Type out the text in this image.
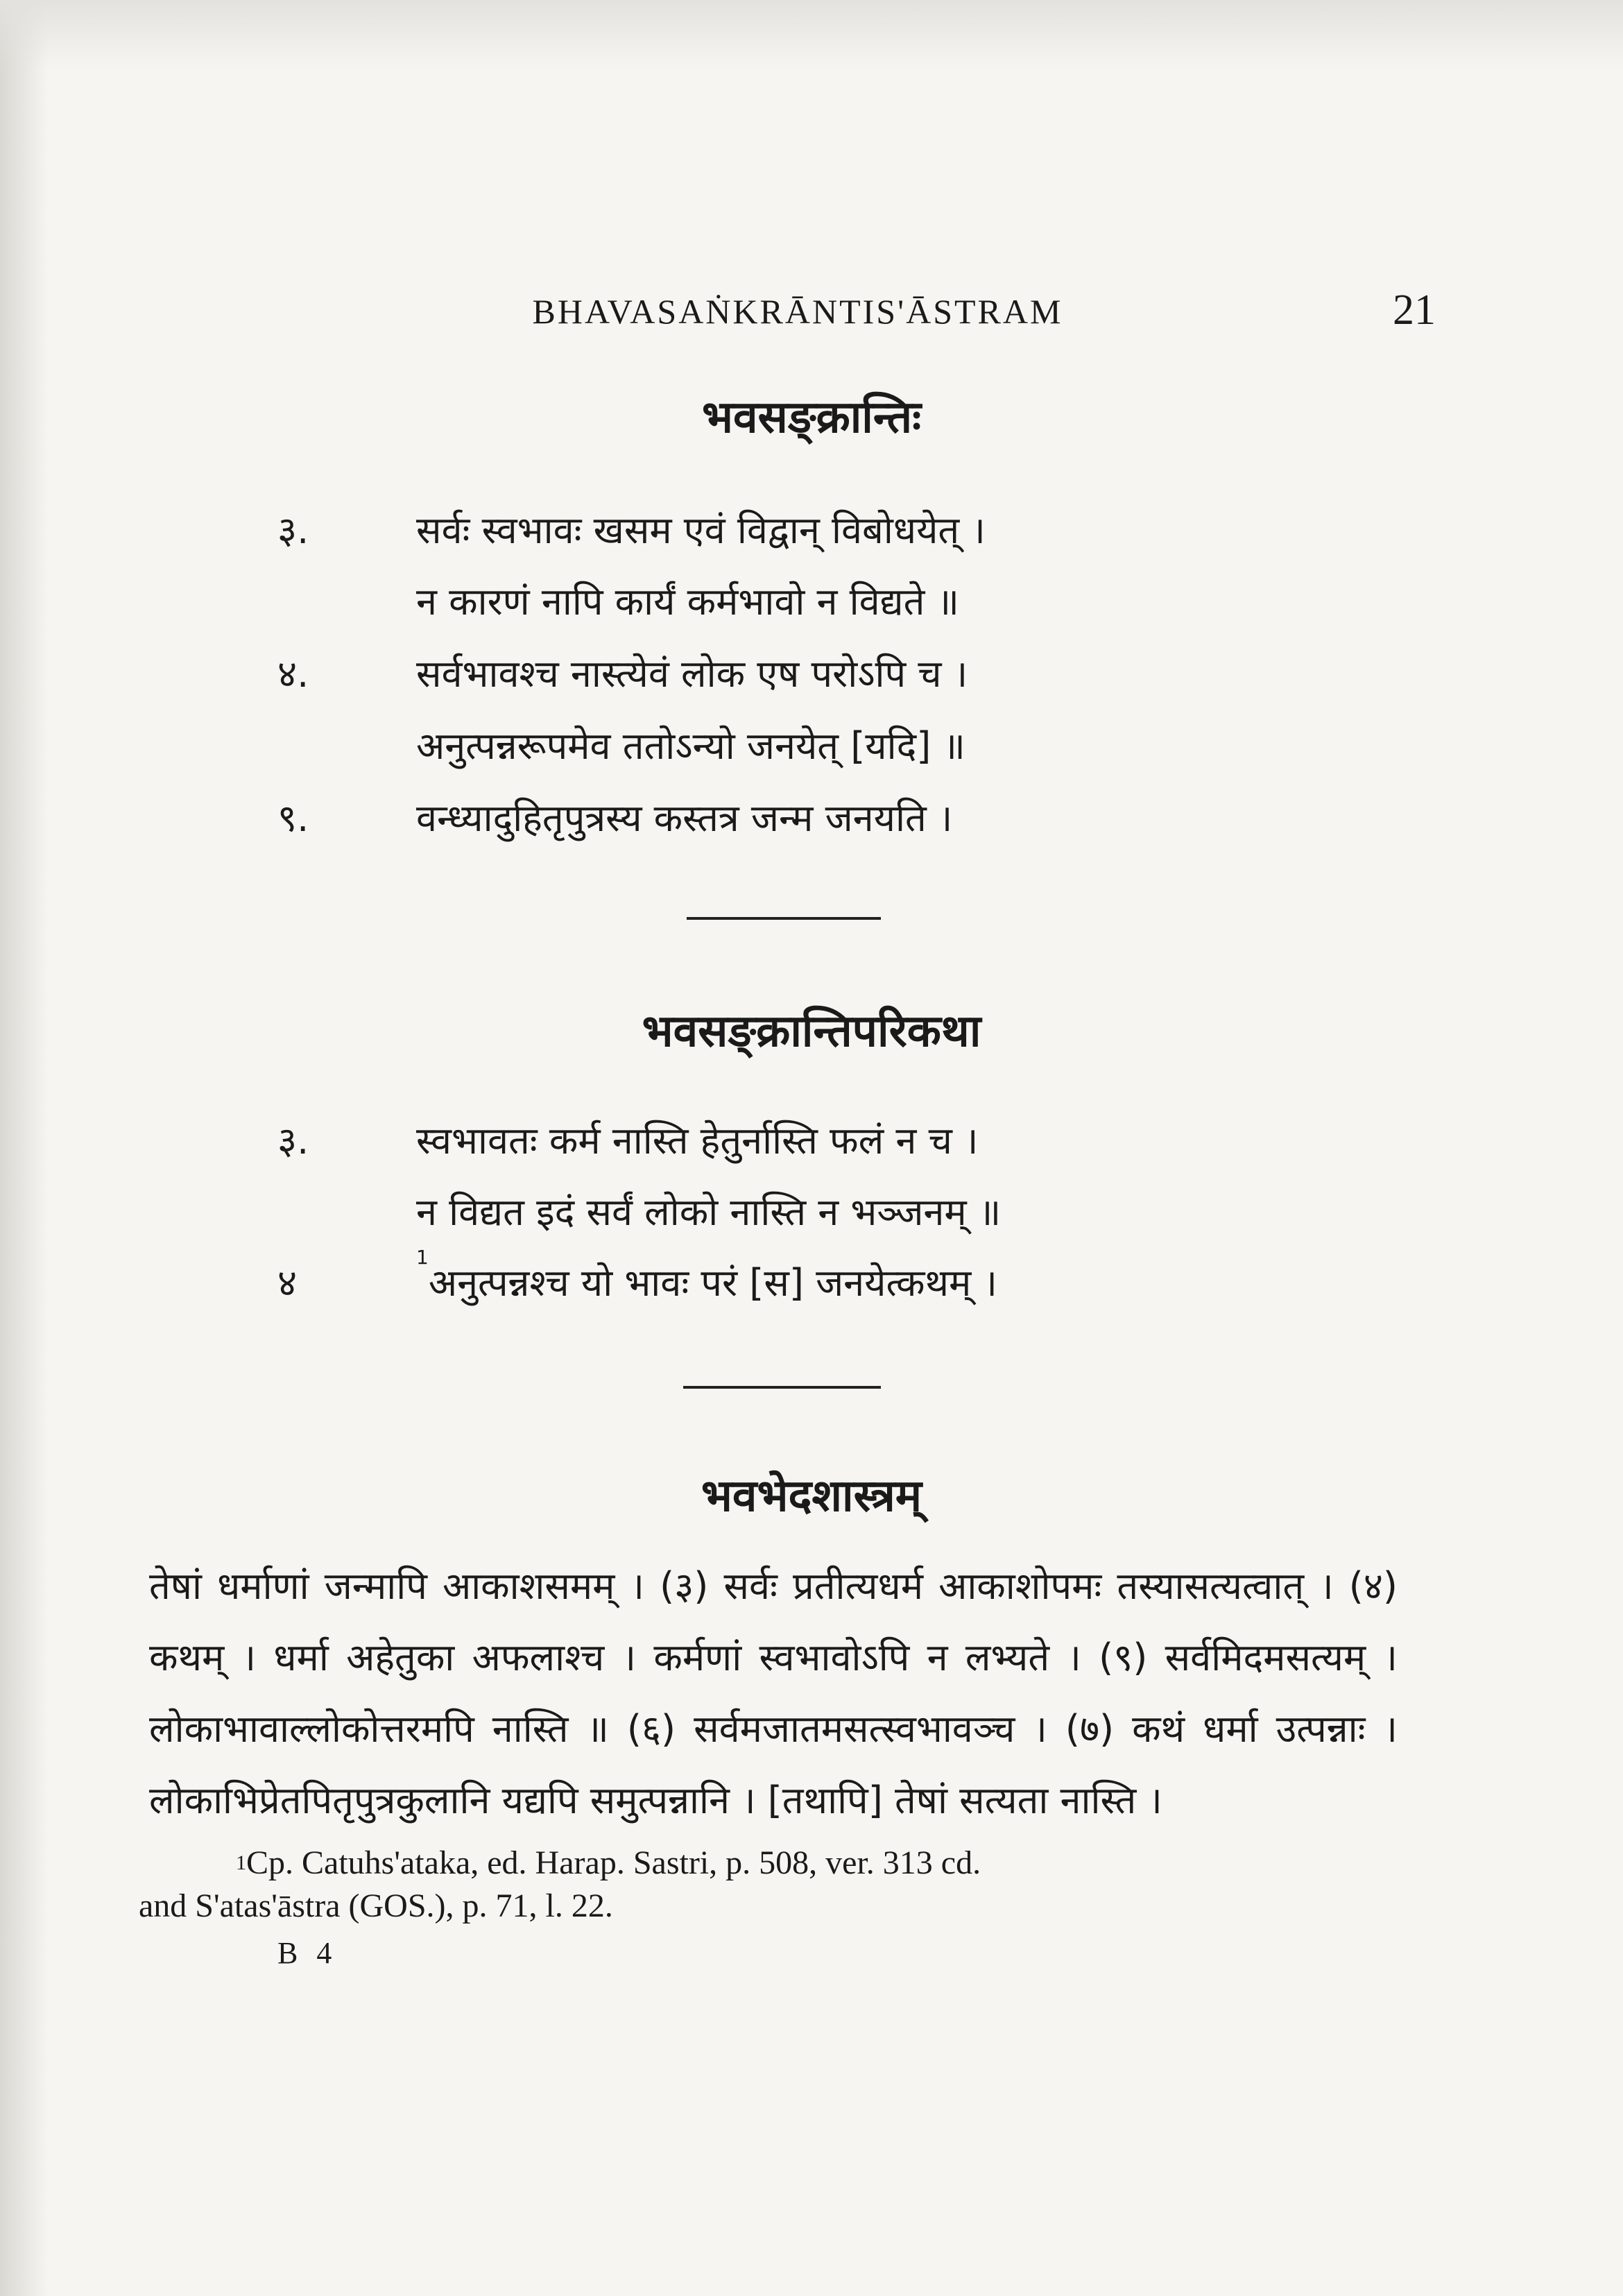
BHAVASAṄKRĀNTIS'ĀSTRAM	21
भवसङ्क्रान्तिः
३.	सर्वः स्वभावः खसम एवं विद्वान् विबोधयेत् ।
न कारणं नापि कार्यं कर्मभावो न विद्यते ॥
४.	सर्वभावश्च नास्त्येवं लोक एष परोऽपि च ।
अनुत्पन्नरूपमेव ततोऽन्यो जनयेत् [यदि] ॥
९.	वन्ध्यादुहितृपुत्रस्य कस्तत्र जन्म जनयति ।
भवसङ्क्रान्तिपरिकथा
३.	स्वभावतः कर्म नास्ति हेतुर्नास्ति फलं न च ।
न विद्यत इदं सर्वं लोको नास्ति न भञ्जनम् ॥
४
$^1$अनुत्पन्नश्च यो भावः परं [स] जनयेत्कथम् ।
भवभेदशास्त्रम्
तेषां धर्माणां जन्मापि आकाशसमम् । (३) सर्वः प्रतीत्यधर्म आकाशोपमः तस्यासत्यत्वात् । (४) कथम् । धर्मा अहेतुका अफलाश्च । कर्मणां स्वभावोऽपि न लभ्यते । (९) सर्वमिदमसत्यम् । लोकाभावाल्लोकोत्तरमपि नास्ति ॥ (६) सर्वमजातमसत्स्वभावञ्च । (७) कथं धर्मा उत्पन्नाः । लोकाभिप्रेतपितृपुत्रकुलानि यद्यपि समुत्पन्नानि । [तथापि] तेषां सत्यता नास्ति ।
$^1$Cp. Catuhs'ataka, ed. Harap. Sastri, p. 508, ver. 313 cd.
and S'atas'āstra (GOS.), p. 71, l. 22.
B 4
